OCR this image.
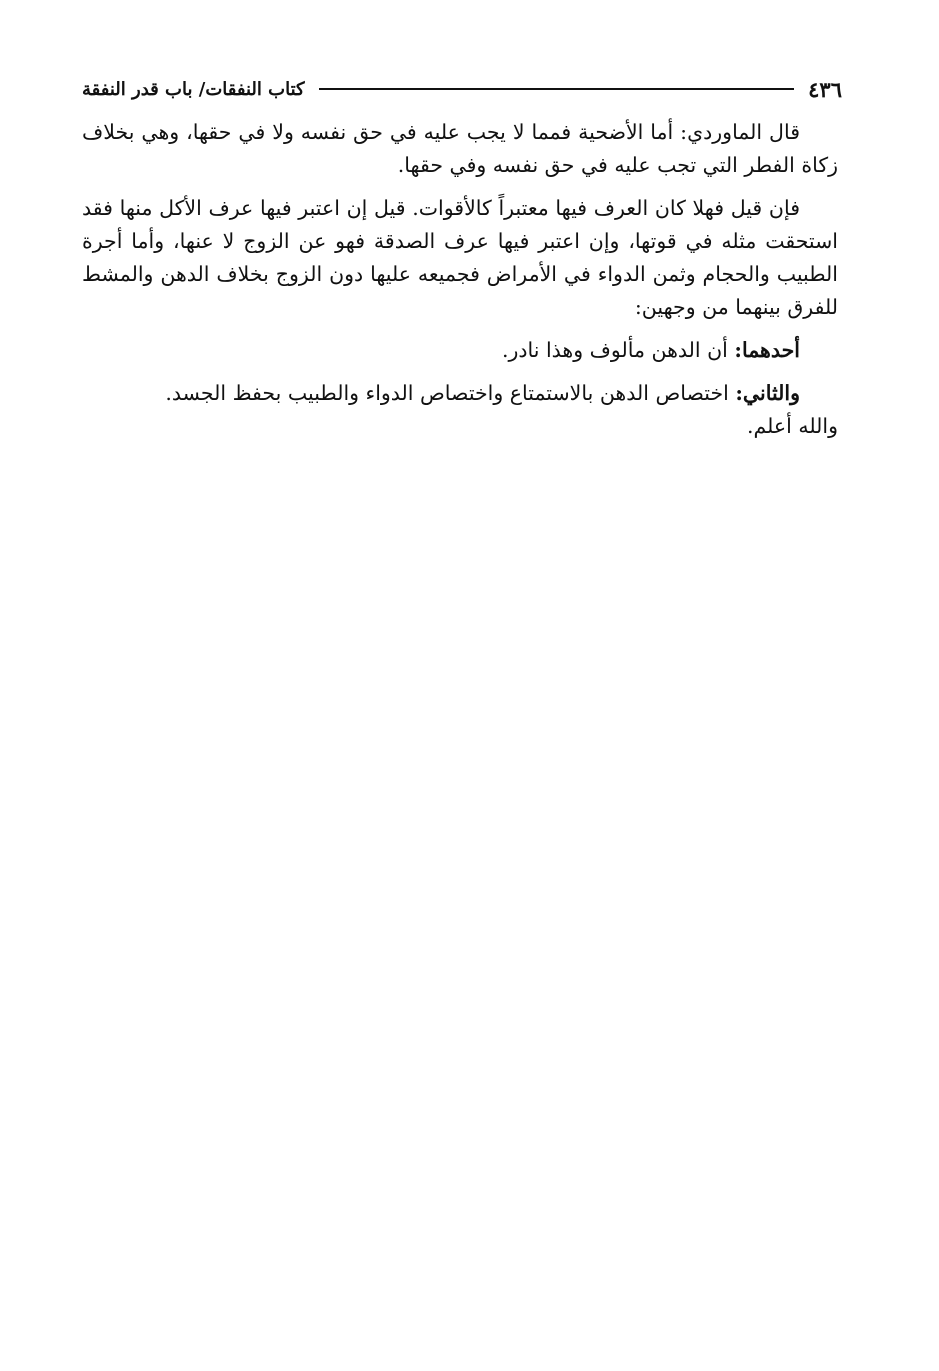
٤٣٦
كتاب النفقات/ باب قدر النفقة

قال الماوردي: أما الأضحية فمما لا يجب عليه في حق نفسه ولا في حقها، وهي بخلاف زكاة الفطر التي تجب عليه في حق نفسه وفي حقها.

فإن قيل فهلا كان العرف فيها معتبراً كالأقوات. قيل إن اعتبر فيها عرف الأكل منها فقد استحقت مثله في قوتها، وإن اعتبر فيها عرف الصدقة فهو عن الزوج لا عنها، وأما أجرة الطبيب والحجام وثمن الدواء في الأمراض فجميعه عليها دون الزوج بخلاف الدهن والمشط للفرق بينهما من وجهين:

أحدهما: أن الدهن مألوف وهذا نادر.

والثاني: اختصاص الدهن بالاستمتاع واختصاص الدواء والطبيب بحفظ الجسد.

والله أعلم.
